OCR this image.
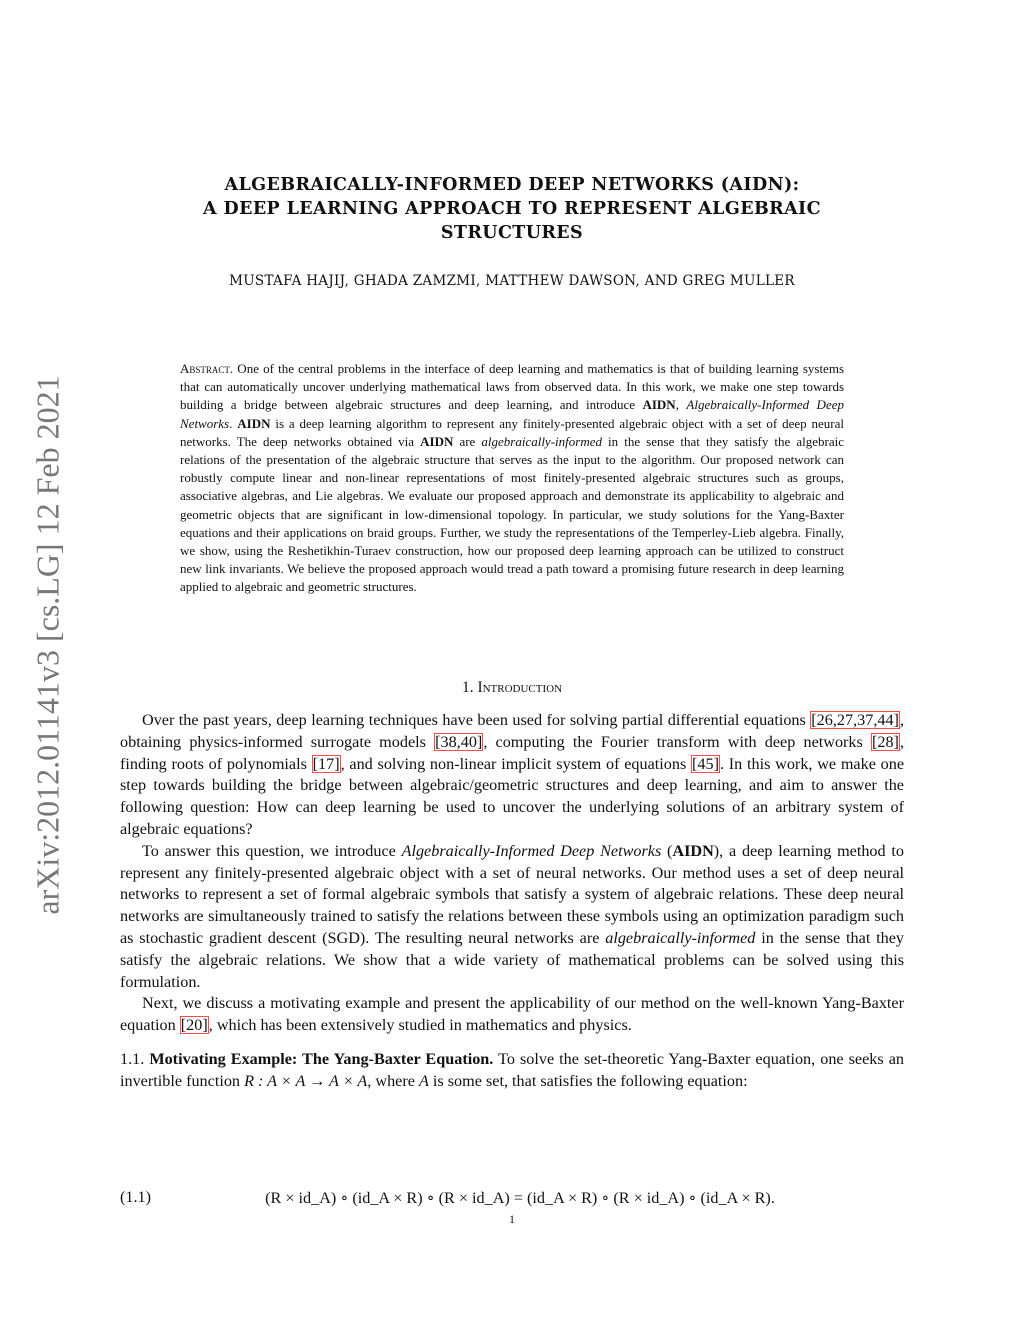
arXiv:2012.01141v3 [cs.LG] 12 Feb 2021
ALGEBRAICALLY-INFORMED DEEP NETWORKS (AIDN):
A DEEP LEARNING APPROACH TO REPRESENT ALGEBRAIC
STRUCTURES
MUSTAFA HAJIJ, GHADA ZAMZMI, MATTHEW DAWSON, AND GREG MULLER
Abstract. One of the central problems in the interface of deep learning and mathematics is that of building learning systems that can automatically uncover underlying mathematical laws from observed data. In this work, we make one step towards building a bridge between algebraic structures and deep learning, and introduce AIDN, Algebraically-Informed Deep Networks. AIDN is a deep learning algorithm to represent any finitely-presented algebraic object with a set of deep neural networks. The deep networks obtained via AIDN are algebraically-informed in the sense that they satisfy the algebraic relations of the presentation of the algebraic structure that serves as the input to the algorithm. Our proposed network can robustly compute linear and non-linear representations of most finitely-presented algebraic structures such as groups, associative algebras, and Lie algebras. We evaluate our proposed approach and demonstrate its applicability to algebraic and geometric objects that are significant in low-dimensional topology. In particular, we study solutions for the Yang-Baxter equations and their applications on braid groups. Further, we study the representations of the Temperley-Lieb algebra. Finally, we show, using the Reshetikhin-Turaev construction, how our proposed deep learning approach can be utilized to construct new link invariants. We believe the proposed approach would tread a path toward a promising future research in deep learning applied to algebraic and geometric structures.
1. Introduction

Over the past years, deep learning techniques have been used for solving partial differential equations [26,27,37,44], obtaining physics-informed surrogate models [38,40], computing the Fourier transform with deep networks [28], finding roots of polynomials [17], and solving non-linear implicit system of equations [45]. In this work, we make one step towards building the bridge between algebraic/geometric structures and deep learning, and aim to answer the following question: How can deep learning be used to uncover the underlying solutions of an arbitrary system of algebraic equations?

To answer this question, we introduce Algebraically-Informed Deep Networks (AIDN), a deep learning method to represent any finitely-presented algebraic object with a set of neural networks. Our method uses a set of deep neural networks to represent a set of formal algebraic symbols that satisfy a system of algebraic relations. These deep neural networks are simultaneously trained to satisfy the relations between these symbols using an optimization paradigm such as stochastic gradient descent (SGD). The resulting neural networks are algebraically-informed in the sense that they satisfy the algebraic relations. We show that a wide variety of mathematical problems can be solved using this formulation.

Next, we discuss a motivating example and present the applicability of our method on the well-known Yang-Baxter equation [20], which has been extensively studied in mathematics and physics.

1.1. Motivating Example: The Yang-Baxter Equation. To solve the set-theoretic Yang-Baxter equation, one seeks an invertible function R : A × A → A × A, where A is some set, that satisfies the following equation:

(1.1)	(R × id_A) ∘ (id_A × R) ∘ (R × id_A) = (id_A × R) ∘ (R × id_A) ∘ (id_A × R).
1
